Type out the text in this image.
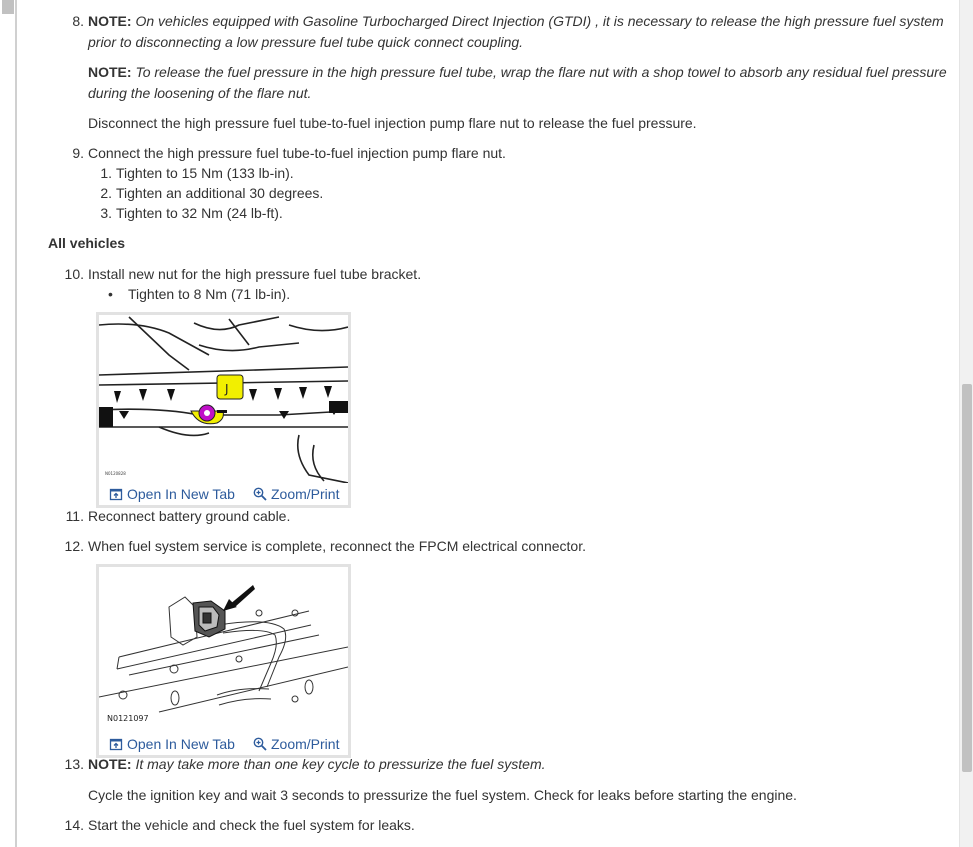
8. NOTE: On vehicles equipped with Gasoline Turbocharged Direct Injection (GTDI) , it is necessary to release the high pressure fuel system prior to disconnecting a low pressure fuel tube quick connect coupling.
NOTE: To release the fuel pressure in the high pressure fuel tube, wrap the flare nut with a shop towel to absorb any residual fuel pressure during the loosening of the flare nut.
Disconnect the high pressure fuel tube-to-fuel injection pump flare nut to release the fuel pressure.
9. Connect the high pressure fuel tube-to-fuel injection pump flare nut.
1. Tighten to 15 Nm (133 lb-in).
2. Tighten an additional 30 degrees.
3. Tighten to 32 Nm (24 lb-ft).
All vehicles
10. Install new nut for the high pressure fuel tube bracket.
• Tighten to 8 Nm (71 lb-in).
J
N0120828
Open In New Tab	Zoom/Print
11. Reconnect battery ground cable.
12. When fuel system service is complete, reconnect the FPCM electrical connector.
N0121097
Open In New Tab	Zoom/Print
13. NOTE: It may take more than one key cycle to pressurize the fuel system.
Cycle the ignition key and wait 3 seconds to pressurize the fuel system. Check for leaks before starting the engine.
14. Start the vehicle and check the fuel system for leaks.
